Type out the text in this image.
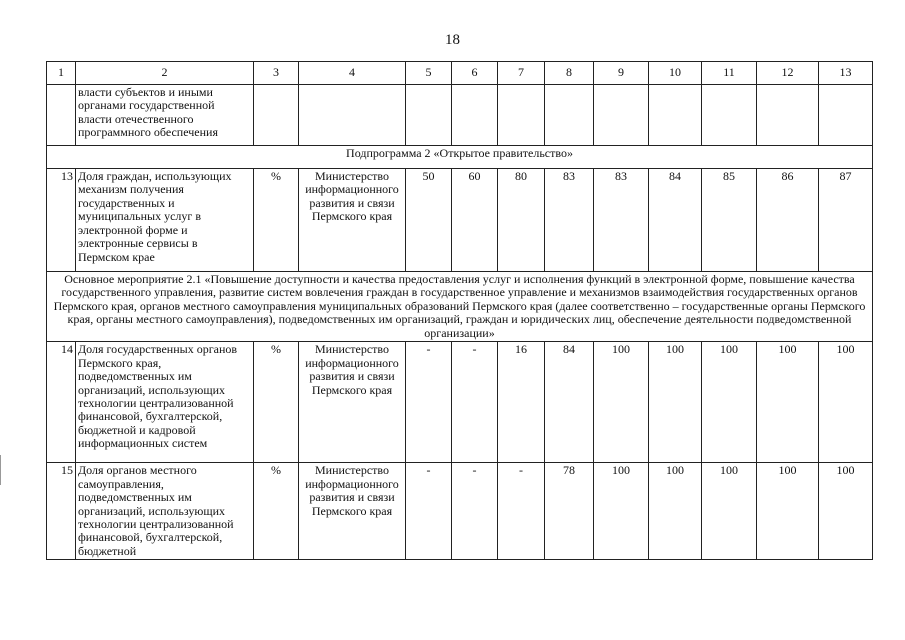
18
1	2	3	4	5	6	7	8	9	10	11	12	13
	власти субъектов и иными органами государственной власти отечественного программного обеспечения											
Подпрограмма 2 «Открытое правительство»												
13	Доля граждан, использующих механизм получения государственных и муниципальных услуг в электронной форме и электронные сервисы в Пермском крае	%	Министерство информационного развития и связи Пермского края	50	60	80	83	83	84	85	86	87
Основное мероприятие 2.1 «Повышение доступности и качества предоставления услуг и исполнения функций в электронной форме, повышение качества государственного управления, развитие систем вовлечения граждан в государственное управление и механизмов взаимодействия государственных органов Пермского края, органов местного самоуправления муниципальных образований Пермского края (далее соответственно – государственные органы Пермского края, органы местного самоуправления), подведомственных им организаций, граждан и юридических лиц, обеспечение деятельности подведомственной организации»												
14	Доля государственных органов Пермского края, подведомственных им организаций, использующих технологии централизованной финансовой, бухгалтерской, бюджетной и кадровой информационных систем	%	Министерство информационного развития и связи Пермского края	-	-	16	84	100	100	100	100	100
15	Доля органов местного самоуправления, подведомственных им организаций, использующих технологии централизованной финансовой, бухгалтерской, бюджетной	%	Министерство информационного развития и связи Пермского края	-	-	-	78	100	100	100	100	100
